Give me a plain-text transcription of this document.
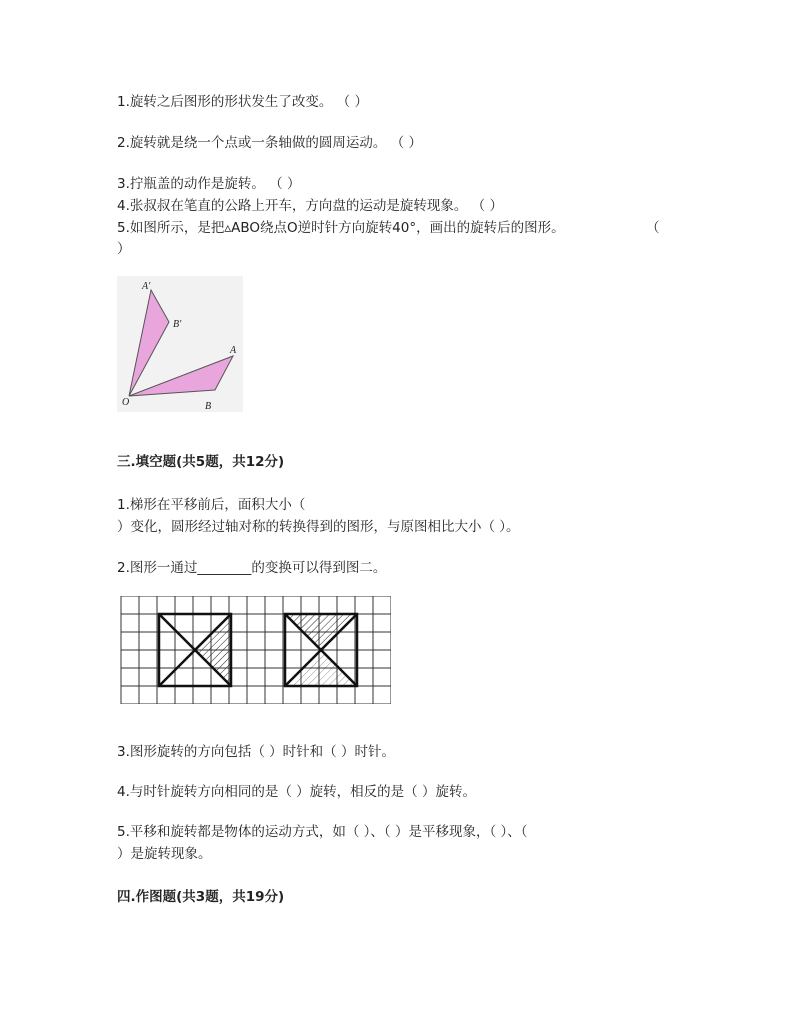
1.旋转之后图形的形状发生了改变。 （ ）
2.旋转就是绕一个点或一条轴做的圆周运动。 （ ）
3.拧瓶盖的动作是旋转。 （ ）
4.张叔叔在笔直的公路上开车，方向盘的运动是旋转现象。 （ ）
5.如图所示，是把▵ABO绕点O逆时针方向旋转40°，画出的旋转后的图形。	（
）
A'
B'
A
B
O
三.填空题(共5题，共12分)
1.梯形在平移前后，面积大小（
）变化，圆形经过轴对称的转换得到的图形，与原图相比大小（ ）。
2.图形一通过________的变换可以得到图二。
3.图形旋转的方向包括（ ）时针和（ ）时针。
4.与时针旋转方向相同的是（ ）旋转，相反的是（ ）旋转。
5.平移和旋转都是物体的运动方式，如（ ）、（ ）是平移现象，（ ）、（
）是旋转现象。
四.作图题(共3题，共19分)
